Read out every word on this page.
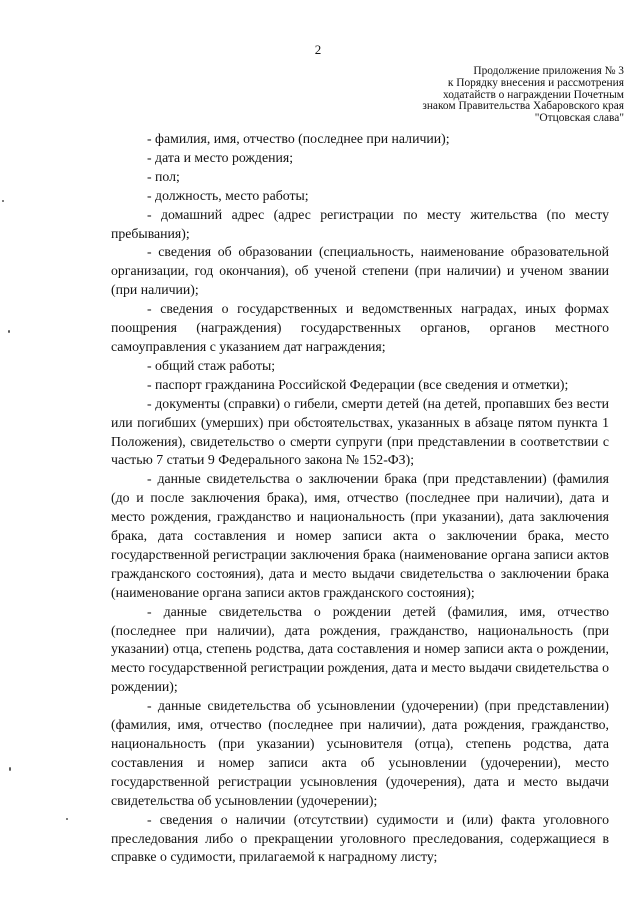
2
Продолжение приложения № 3
к Порядку внесения и рассмотрения
ходатайств о награждении Почетным
знаком Правительства Хабаровского края
"Отцовская слава"

- фамилия, имя, отчество (последнее при наличии);

- дата и место рождения;

- пол;

- должность, место работы;

- домашний адрес (адрес регистрации по месту жительства (по месту пребывания);

- сведения об образовании (специальность, наименование образовательной организации, год окончания), об ученой степени (при наличии) и ученом звании (при наличии);

- сведения о государственных и ведомственных наградах, иных формах поощрения (награждения) государственных органов, органов местного самоуправления с указанием дат награждения;

- общий стаж работы;

- паспорт гражданина Российской Федерации (все сведения и отметки);

- документы (справки) о гибели, смерти детей (на детей, пропавших без вести или погибших (умерших) при обстоятельствах, указанных в абзаце пятом пункта 1 Положения), свидетельство о смерти супруги (при представлении в соответствии с частью 7 статьи 9 Федерального закона № 152-ФЗ);

- данные свидетельства о заключении брака (при представлении) (фамилия (до и после заключения брака), имя, отчество (последнее при наличии), дата и место рождения, гражданство и национальность (при указании), дата заключения брака, дата составления и номер записи акта о заключении брака, место государственной регистрации заключения брака (наименование органа записи актов гражданского состояния), дата и место выдачи свидетельства о заключении брака (наименование органа записи актов гражданского состояния);

- данные свидетельства о рождении детей (фамилия, имя, отчество (последнее при наличии), дата рождения, гражданство, национальность (при указании) отца, степень родства, дата составления и номер записи акта о рождении, место государственной регистрации рождения, дата и место выдачи свидетельства о рождении);

- данные свидетельства об усыновлении (удочерении) (при представлении) (фамилия, имя, отчество (последнее при наличии), дата рождения, гражданство, национальность (при указании) усыновителя (отца), степень родства, дата составления и номер записи акта об усыновлении (удочерении), место государственной регистрации усыновления (удочерения), дата и место выдачи свидетельства об усыновлении (удочерении);

- сведения о наличии (отсутствии) судимости и (или) факта уголовного преследования либо о прекращении уголовного преследования, содержащиеся в справке о судимости, прилагаемой к наградному листу;
